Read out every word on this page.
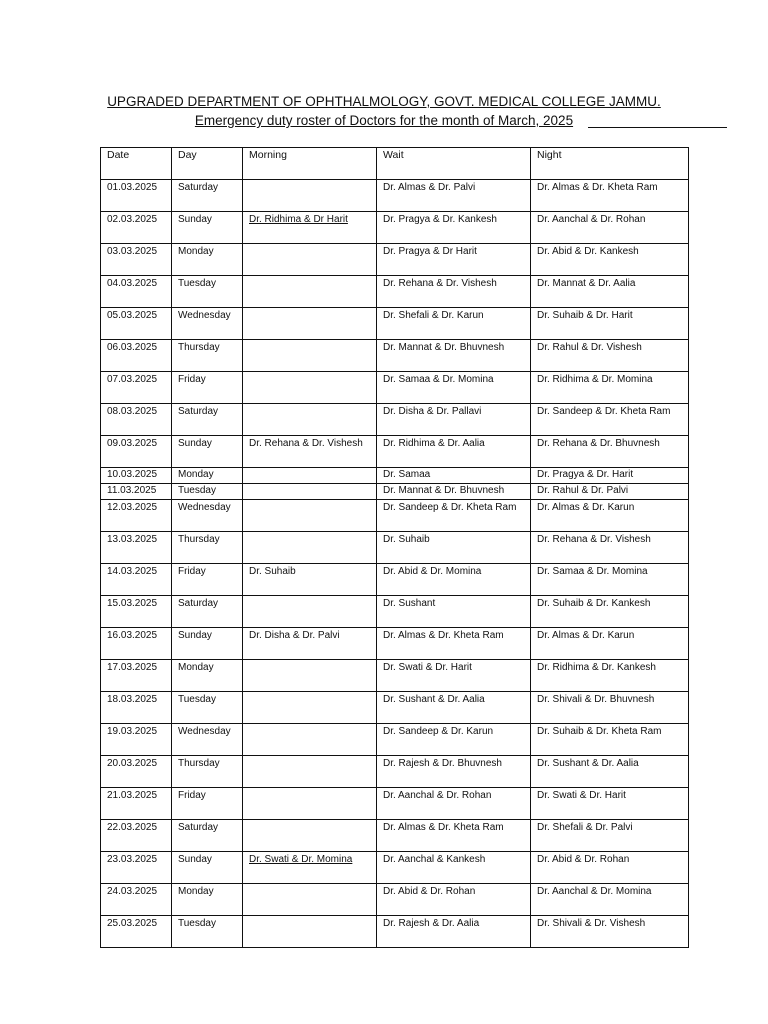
UPGRADED DEPARTMENT OF OPHTHALMOLOGY, GOVT. MEDICAL COLLEGE JAMMU.
Emergency duty roster of Doctors for the month of March, 2025
Date	Day	Morning	Wait	Night
01.03.2025	Saturday		Dr. Almas & Dr. Palvi	Dr. Almas & Dr. Kheta Ram
02.03.2025	Sunday	Dr. Ridhima & Dr Harit	Dr. Pragya & Dr. Kankesh	Dr. Aanchal & Dr. Rohan
03.03.2025	Monday		Dr. Pragya & Dr Harit	Dr. Abid & Dr. Kankesh
04.03.2025	Tuesday		Dr. Rehana & Dr. Vishesh	Dr. Mannat & Dr. Aalia
05.03.2025	Wednesday		Dr. Shefali & Dr. Karun	Dr. Suhaib & Dr. Harit
06.03.2025	Thursday		Dr. Mannat & Dr. Bhuvnesh	Dr. Rahul & Dr. Vishesh
07.03.2025	Friday		Dr. Samaa & Dr. Momina	Dr. Ridhima & Dr. Momina
08.03.2025	Saturday		Dr. Disha & Dr. Pallavi	Dr. Sandeep & Dr. Kheta Ram
09.03.2025	Sunday	Dr. Rehana & Dr. Vishesh	Dr. Ridhima & Dr. Aalia	Dr. Rehana & Dr. Bhuvnesh
10.03.2025	Monday		Dr. Samaa	Dr. Pragya & Dr. Harit
11.03.2025	Tuesday		Dr. Mannat & Dr. Bhuvnesh	Dr. Rahul & Dr. Palvi
12.03.2025	Wednesday		Dr. Sandeep & Dr. Kheta Ram	Dr. Almas & Dr. Karun
13.03.2025	Thursday		Dr. Suhaib	Dr. Rehana & Dr. Vishesh
14.03.2025	Friday	Dr. Suhaib	Dr. Abid & Dr. Momina	Dr. Samaa & Dr. Momina
15.03.2025	Saturday		Dr. Sushant	Dr. Suhaib & Dr. Kankesh
16.03.2025	Sunday	Dr. Disha & Dr. Palvi	Dr. Almas & Dr. Kheta Ram	Dr. Almas & Dr. Karun
17.03.2025	Monday		Dr. Swati & Dr. Harit	Dr. Ridhima & Dr. Kankesh
18.03.2025	Tuesday		Dr. Sushant & Dr. Aalia	Dr. Shivali & Dr. Bhuvnesh
19.03.2025	Wednesday		Dr. Sandeep & Dr. Karun	Dr. Suhaib & Dr. Kheta Ram
20.03.2025	Thursday		Dr. Rajesh & Dr. Bhuvnesh	Dr. Sushant & Dr. Aalia
21.03.2025	Friday		Dr. Aanchal & Dr. Rohan	Dr. Swati & Dr. Harit
22.03.2025	Saturday		Dr. Almas & Dr. Kheta Ram	Dr. Shefali & Dr. Palvi
23.03.2025	Sunday	Dr. Swati & Dr. Momina	Dr. Aanchal & Kankesh	Dr. Abid & Dr. Rohan
24.03.2025	Monday		Dr. Abid & Dr. Rohan	Dr. Aanchal & Dr. Momina
25.03.2025	Tuesday		Dr. Rajesh & Dr. Aalia	Dr. Shivali & Dr. Vishesh
